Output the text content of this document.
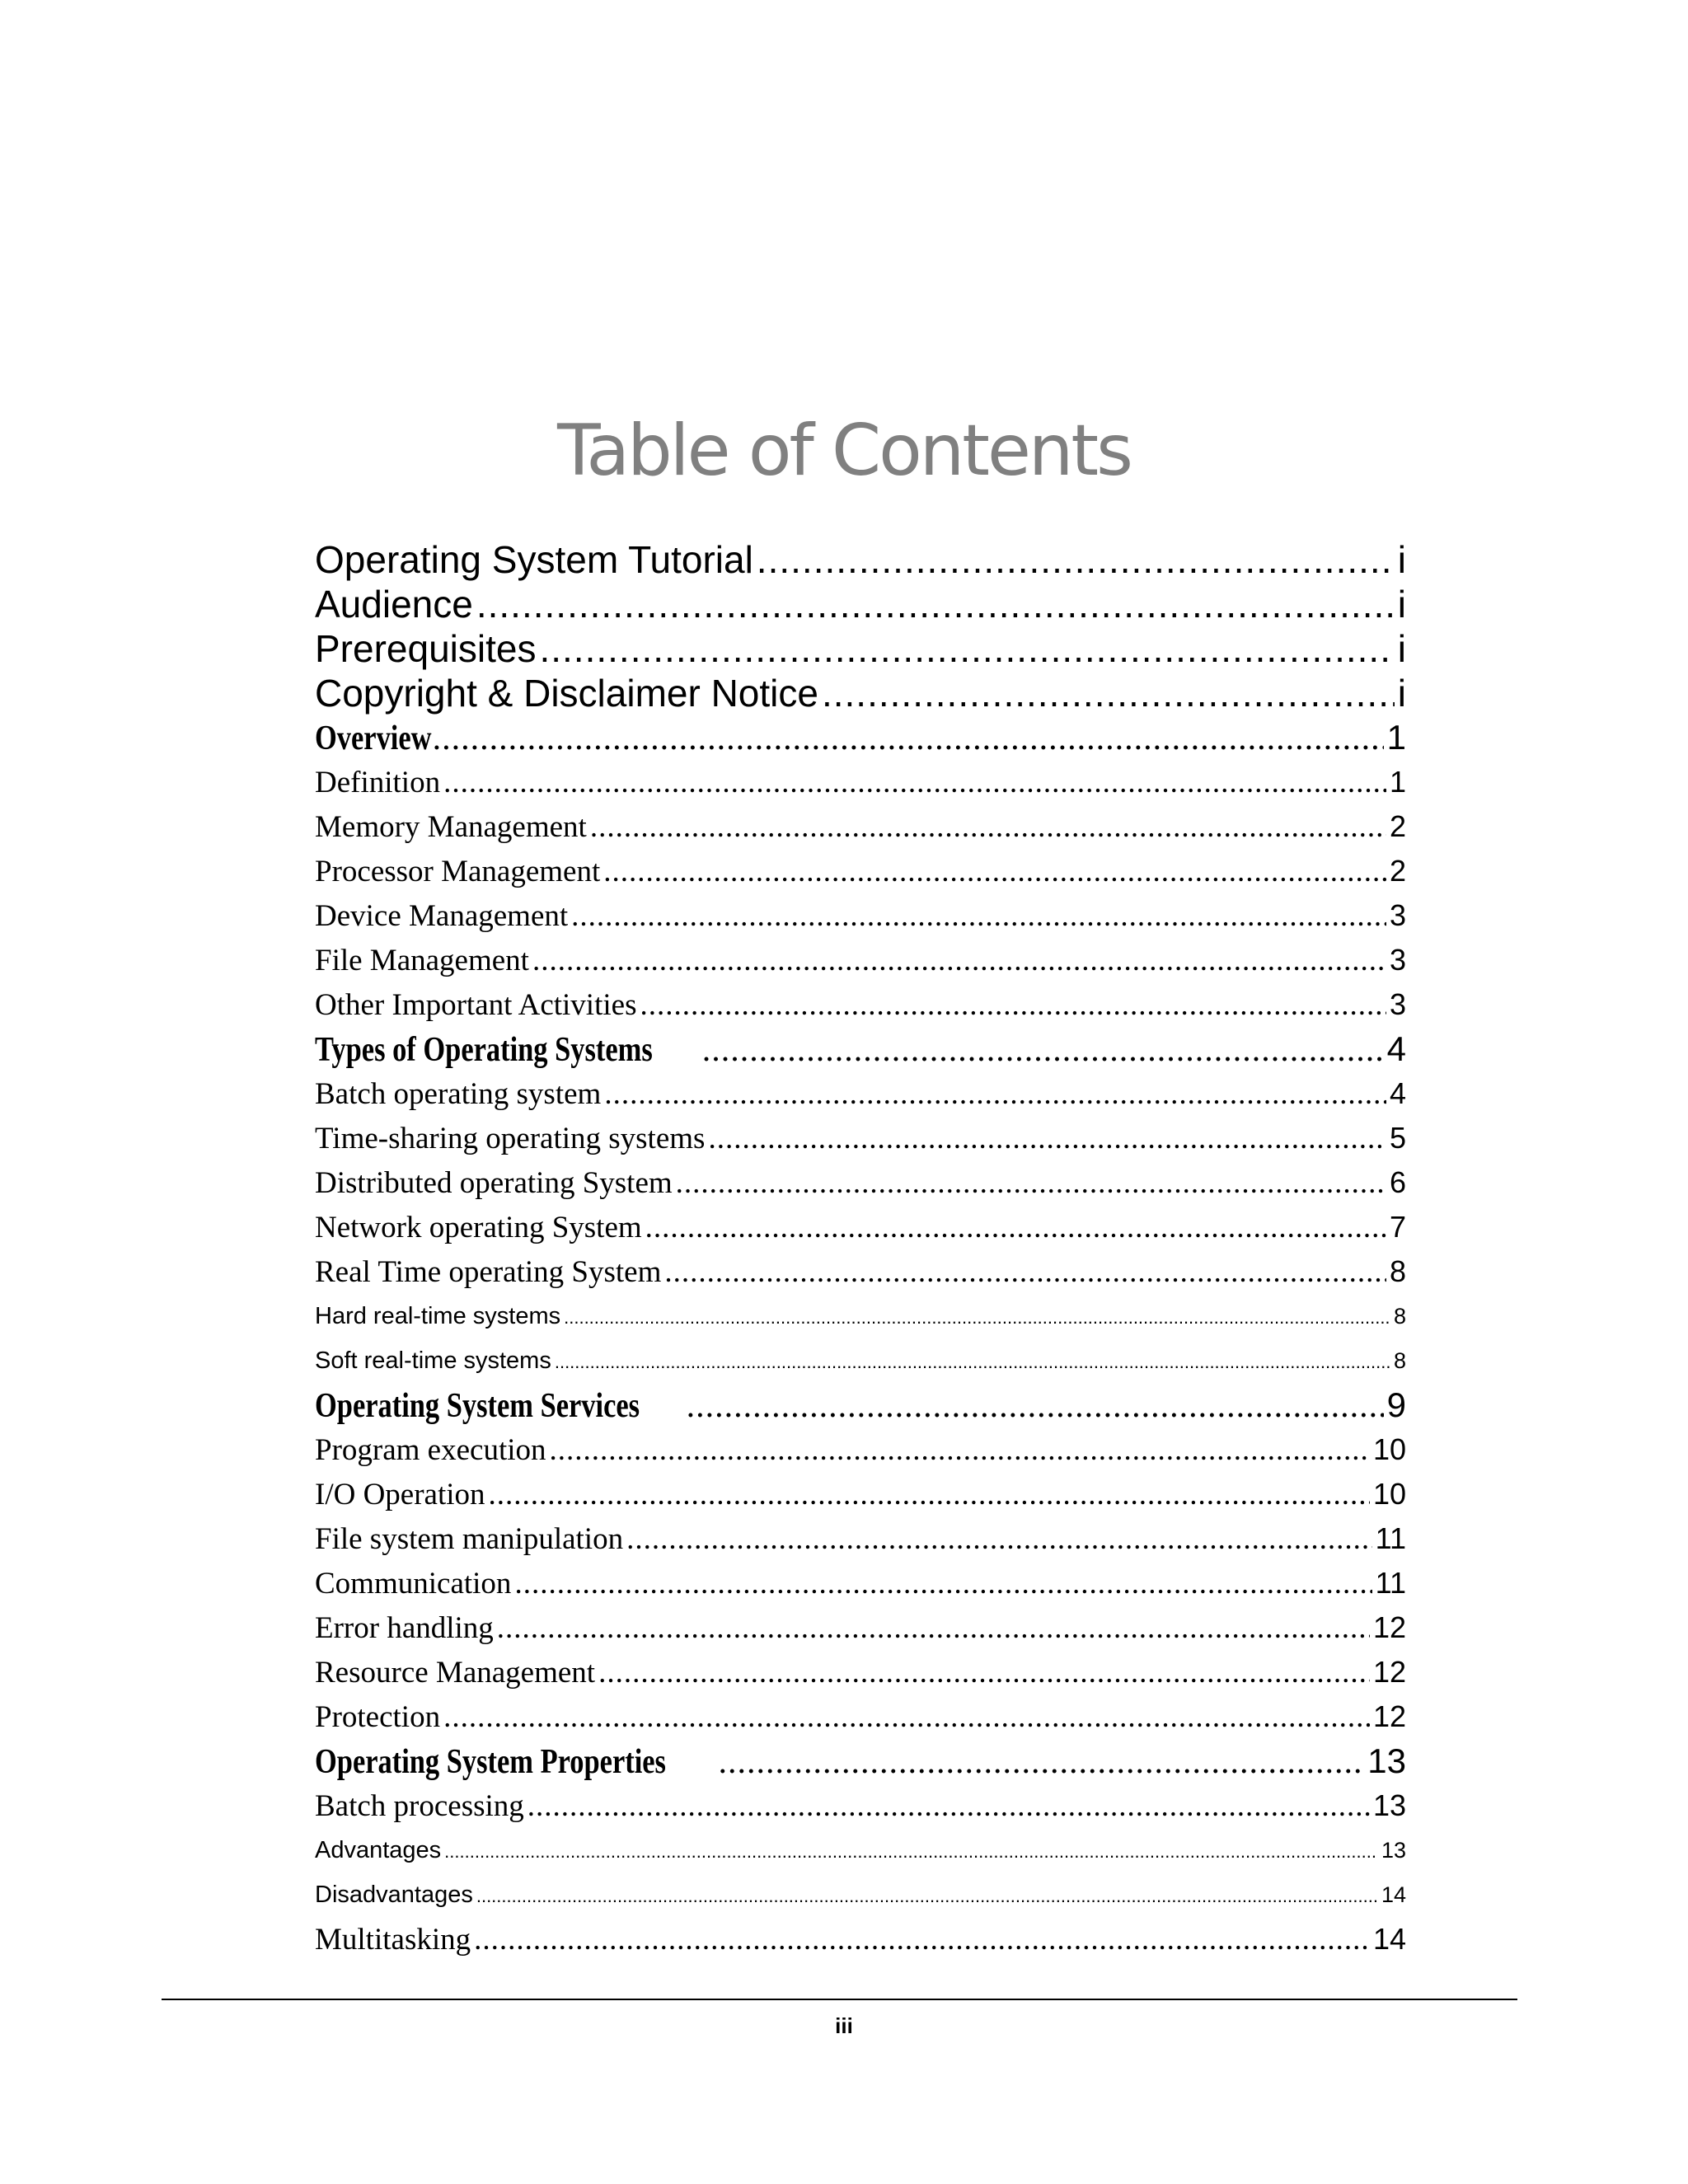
Table of Contents
Operating System Tutorial .....	i
Audience .....	i
Prerequisites .....	i
Copyright & Disclaimer Notice .....	i
Overview .....	1
Definition .....	1
Memory Management .....	2
Processor Management .....	2
Device Management .....	3
File Management .....	3
Other Important Activities .....	3
Types of Operating Systems .....	4
Batch operating system .....	4
Time-sharing operating systems .....	5
Distributed operating System .....	6
Network operating System .....	7
Real Time operating System .....	8
Hard real-time systems .....	8
Soft real-time systems .....	8
Operating System Services .....	9
Program execution .....	10
I/O Operation .....	10
File system manipulation .....	11
Communication .....	11
Error handling .....	12
Resource Management .....	12
Protection .....	12
Operating System Properties .....	13
Batch processing .....	13
Advantages .....	13
Disadvantages .....	14
Multitasking .....	14
iii
